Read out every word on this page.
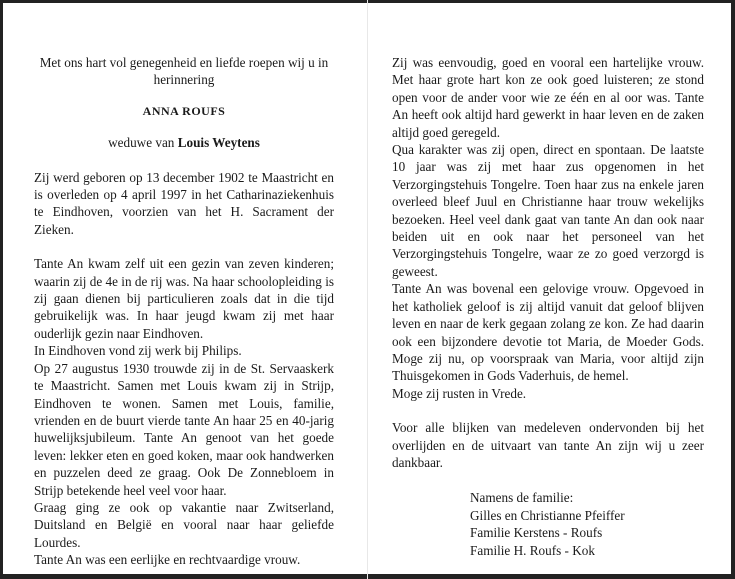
Met ons hart vol genegenheid en liefde roepen wij u in herinnering

ANNA ROUFS

weduwe van Louis Weytens

Zij werd geboren op 13 december 1902 te Maastricht en is overleden op 4 april 1997 in het Catharinaziekenhuis te Eindhoven, voorzien van het H. Sacrament der Zieken.

Tante An kwam zelf uit een gezin van zeven kinderen; waarin zij de 4e in de rij was. Na haar schoolopleiding is zij gaan dienen bij particulieren zoals dat in die tijd gebruikelijk was. In haar jeugd kwam zij met haar ouderlijk gezin naar Eindhoven.

In Eindhoven vond zij werk bij Philips.

Op 27 augustus 1930 trouwde zij in de St. Servaaskerk te Maastricht. Samen met Louis kwam zij in Strijp, Eindhoven te wonen. Samen met Louis, familie, vrienden en de buurt vierde tante An haar 25 en 40-jarig huwelijksjubileum. Tante An genoot van het goede leven: lekker eten en goed koken, maar ook handwerken en puzzelen deed ze graag. Ook De Zonnebloem in Strijp betekende heel veel voor haar.

Graag ging ze ook op vakantie naar Zwitserland, Duitsland en België en vooral naar haar geliefde Lourdes.

Tante An was een eerlijke en rechtvaardige vrouw.

Zij was eenvoudig, goed en vooral een hartelijke vrouw. Met haar grote hart kon ze ook goed luisteren; ze stond open voor de ander voor wie ze één en al oor was. Tante An heeft ook altijd hard gewerkt in haar leven en de zaken altijd goed geregeld.

Qua karakter was zij open, direct en spontaan. De laatste 10 jaar was zij met haar zus opgenomen in het Verzorgingstehuis Tongelre. Toen haar zus na enkele jaren overleed bleef Juul en Christianne haar trouw wekelijks bezoeken. Heel veel dank gaat van tante An dan ook naar beiden uit en ook naar het personeel van het Verzorgingstehuis Tongelre, waar ze zo goed verzorgd is geweest.

Tante An was bovenal een gelovige vrouw. Opgevoed in het katholiek geloof is zij altijd vanuit dat geloof blijven leven en naar de kerk gegaan zolang ze kon. Ze had daarin ook een bijzondere devotie tot Maria, de Moeder Gods. Moge zij nu, op voorspraak van Maria, voor altijd zijn Thuisgekomen in Gods Vaderhuis, de hemel.

Moge zij rusten in Vrede.

Voor alle blijken van medeleven ondervonden bij het overlijden en de uitvaart van tante An zijn wij u zeer dankbaar.

Namens de familie:
Gilles en Christianne Pfeiffer
Familie Kerstens - Roufs
Familie H. Roufs - Kok
